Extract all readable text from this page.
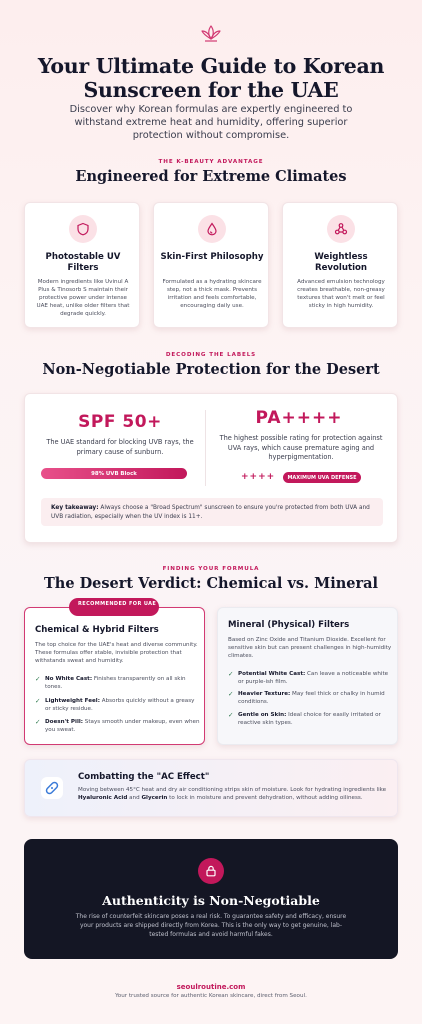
Your Ultimate Guide to Korean Sunscreen for the UAE

Discover why Korean formulas are expertly engineered to withstand extreme heat and humidity, offering superior protection without compromise.

THE K-BEAUTY ADVANTAGE
Engineered for Extreme Climates
Photostable UV Filters
Modern ingredients like Uvinul A Plus & Tinosorb S maintain their protective power under intense UAE heat, unlike older filters that degrade quickly.
Skin-First Philosophy
Formulated as a hydrating skincare step, not a thick mask. Prevents irritation and feels comfortable, encouraging daily use.
Weightless Revolution
Advanced emulsion technology creates breathable, non-greasy textures that won't melt or feel sticky in high humidity.
DECODING THE LABELS
Non-Negotiable Protection for the Desert
SPF 50+
The UAE standard for blocking UVB rays, the primary cause of sunburn.
98% UVB Block
PA++++
The highest possible rating for protection against UVA rays, which cause premature aging and hyperpigmentation.
++++	MAXIMUM UVA DEFENSE
Key takeaway: Always choose a "Broad Spectrum" sunscreen to ensure you're protected from both UVA and UVB radiation, especially when the UV index is 11+.
FINDING YOUR FORMULA
The Desert Verdict: Chemical vs. Mineral
Chemical & Hybrid Filters
The top choice for the UAE's heat and diverse community. These formulas offer stable, invisible protection that withstands sweat and humidity.
✓ No White Cast: Finishes transparently on all skin tones.
✓ Lightweight Feel: Absorbs quickly without a greasy or sticky residue.
✓ Doesn't Pill: Stays smooth under makeup, even when you sweat.
RECOMMENDED FOR UAE
Mineral (Physical) Filters
Based on Zinc Oxide and Titanium Dioxide. Excellent for sensitive skin but can present challenges in high-humidity climates.
✓ Potential White Cast: Can leave a noticeable white or purple-ish film.
✓ Heavier Texture: May feel thick or chalky in humid conditions.
✓ Gentle on Skin: Ideal choice for easily irritated or reactive skin types.
Combatting the "AC Effect"
Moving between 45°C heat and dry air conditioning strips skin of moisture. Look for hydrating ingredients like Hyaluronic Acid and Glycerin to lock in moisture and prevent dehydration, without adding oiliness.
Authenticity is Non-Negotiable
The rise of counterfeit skincare poses a real risk. To guarantee safety and efficacy, ensure your products are shipped directly from Korea. This is the only way to get genuine, lab-tested formulas and avoid harmful fakes.
seoulroutine.com
Your trusted source for authentic Korean skincare, direct from Seoul.
